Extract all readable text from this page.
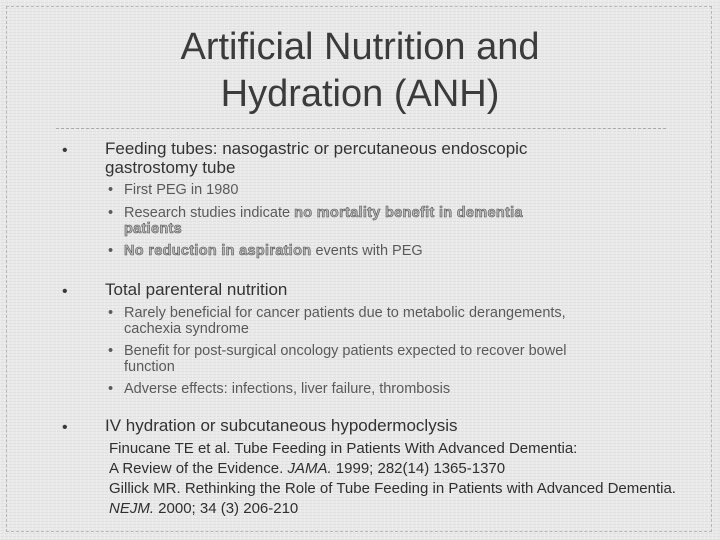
Artificial Nutrition and
Hydration (ANH)
• Feeding tubes: nasogastric or percutaneous endoscopic
gastrostomy tube
• First PEG in 1980
• Research studies indicate no mortality benefit in dementia
patients
• No reduction in aspiration events with PEG
• Total parenteral nutrition
• Rarely beneficial for cancer patients due to metabolic derangements,
cachexia syndrome
• Benefit for post-surgical oncology patients expected to recover bowel
function
• Adverse effects: infections, liver failure, thrombosis
• IV hydration or subcutaneous hypodermoclysis
Finucane TE et al. Tube Feeding in Patients With Advanced Dementia:
A Review of the Evidence. JAMA. 1999; 282(14) 1365-1370
Gillick MR. Rethinking the Role of Tube Feeding in Patients with Advanced Dementia.
NEJM. 2000; 34 (3) 206-210
